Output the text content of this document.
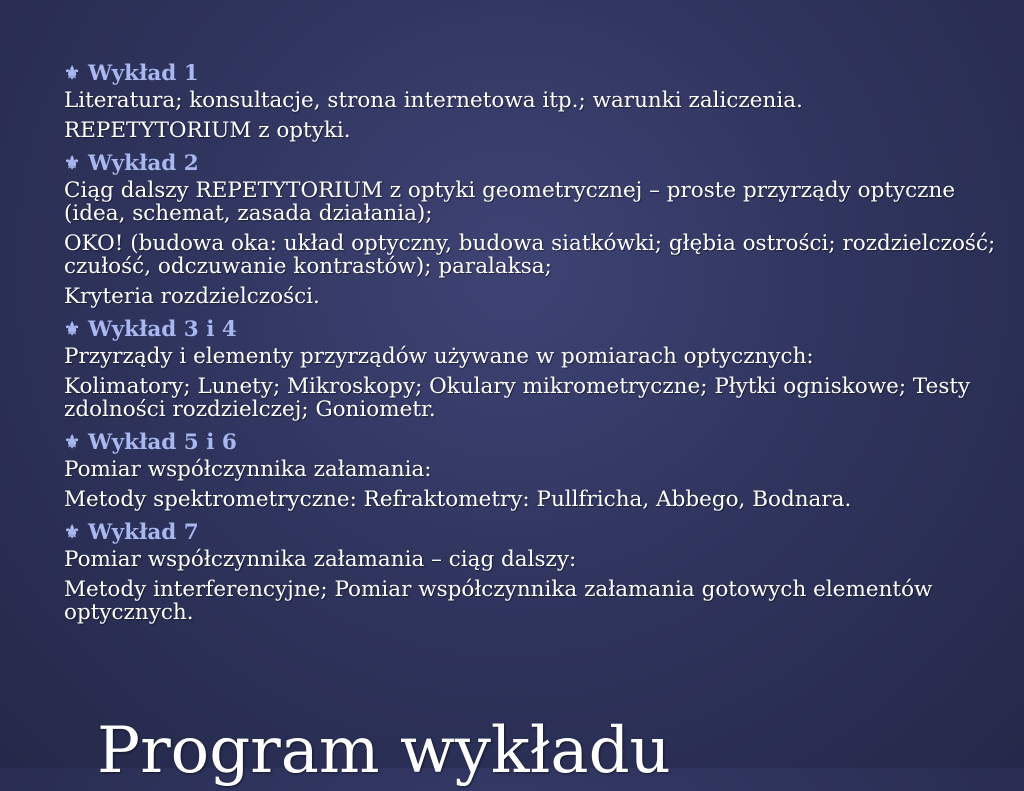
⚜ Wykład 1

Literatura; konsultacje, strona internetowa itp.; warunki zaliczenia.

REPETYTORIUM z optyki.

⚜ Wykład 2

Ciąg dalszy REPETYTORIUM z optyki geometrycznej – proste przyrządy optyczne (idea, schemat, zasada działania);

OKO! (budowa oka: układ optyczny, budowa siatkówki; głębia ostrości; rozdzielczość; czułość, odczuwanie kontrastów); paralaksa;

Kryteria rozdzielczości.

⚜ Wykład 3 i 4

Przyrządy i elementy przyrządów używane w pomiarach optycznych:

Kolimatory; Lunety; Mikroskopy; Okulary mikrometryczne; Płytki ogniskowe; Testy zdolności rozdzielczej; Goniometr.

⚜ Wykład 5 i 6

Pomiar współczynnika załamania:

Metody spektrometryczne: Refraktometry: Pullfricha, Abbego, Bodnara.

⚜ Wykład 7

Pomiar współczynnika załamania – ciąg dalszy:

Metody interferencyjne; Pomiar współczynnika załamania gotowych elementów optycznych.

Program wykładu
